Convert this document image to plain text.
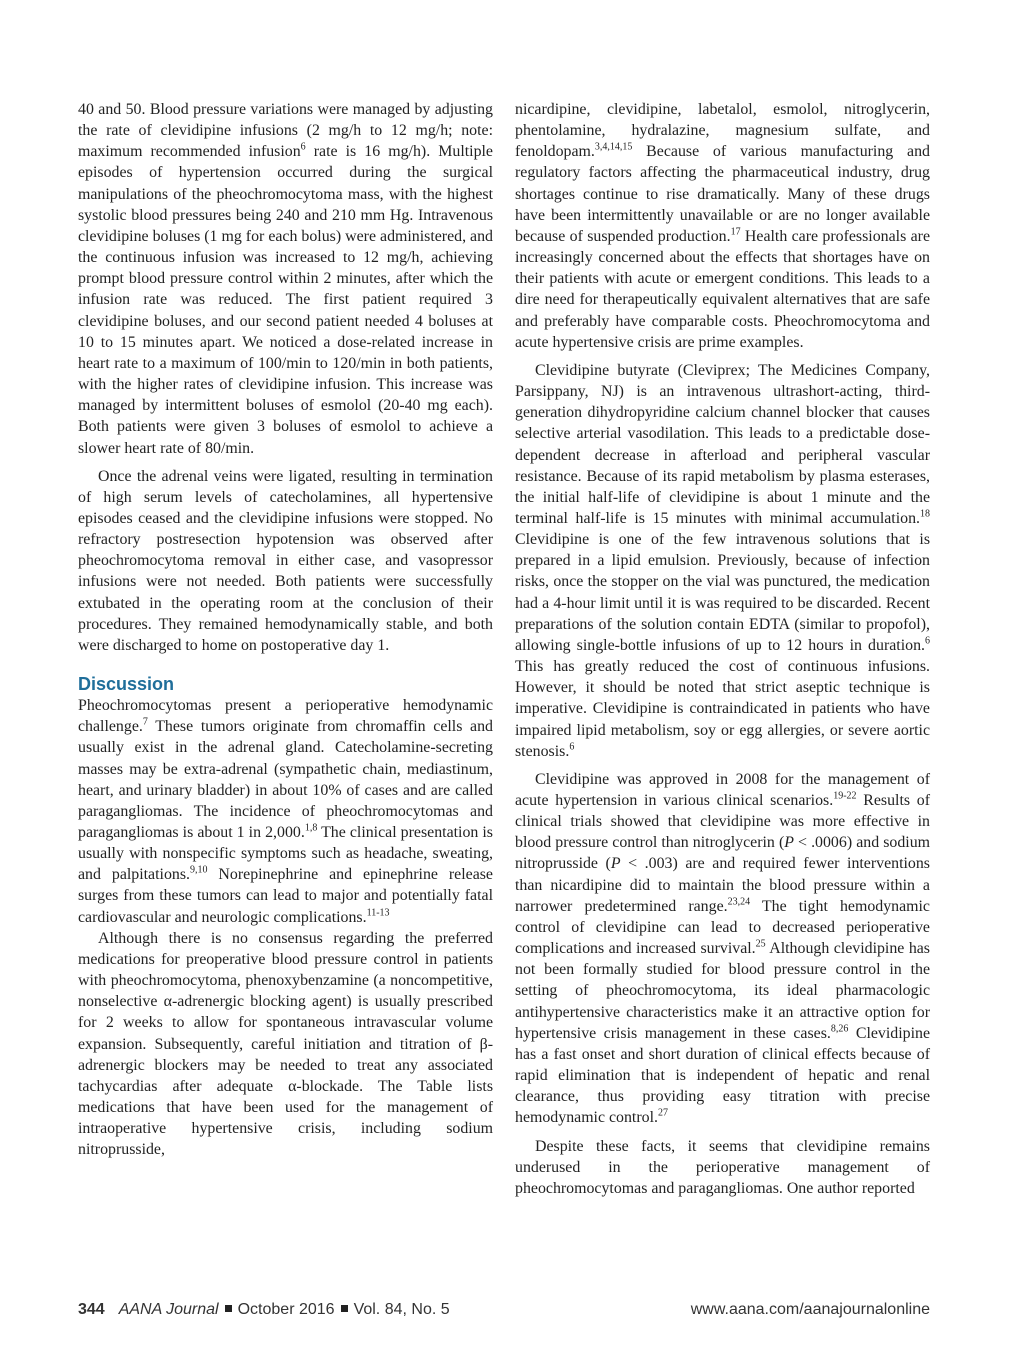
40 and 50. Blood pressure variations were managed by adjusting the rate of clevidipine infusions (2 mg/h to 12 mg/h; note: maximum recommended infusion$^6$ rate is 16 mg/h). Multiple episodes of hypertension occurred during the surgical manipulations of the pheochromocytoma mass, with the highest systolic blood pressures being 240 and 210 mm Hg. Intravenous clevidipine boluses (1 mg for each bolus) were administered, and the continuous infusion was increased to 12 mg/h, achieving prompt blood pressure control within 2 minutes, after which the infusion rate was reduced. The first patient required 3 clevidipine boluses, and our second patient needed 4 boluses at 10 to 15 minutes apart. We noticed a dose-related increase in heart rate to a maximum of 100/min to 120/min in both patients, with the higher rates of clevidipine infusion. This increase was managed by intermittent boluses of esmolol (20-40 mg each). Both patients were given 3 boluses of esmolol to achieve a slower heart rate of 80/min.

Once the adrenal veins were ligated, resulting in termination of high serum levels of catecholamines, all hypertensive episodes ceased and the clevidipine infusions were stopped. No refractory postresection hypotension was observed after pheochromocytoma removal in either case, and vasopressor infusions were not needed. Both patients were successfully extubated in the operating room at the conclusion of their procedures. They remained hemodynamically stable, and both were discharged to home on postoperative day 1.

Discussion

Pheochromocytomas present a perioperative hemodynamic challenge.$^7$ These tumors originate from chromaffin cells and usually exist in the adrenal gland. Catecholamine-secreting masses may be extra-adrenal (sympathetic chain, mediastinum, heart, and urinary bladder) in about 10% of cases and are called paragangliomas. The incidence of pheochromocytomas and paragangliomas is about 1 in 2,000.$^{1,8}$ The clinical presentation is usually with nonspecific symptoms such as headache, sweating, and palpitations.$^{9,10}$ Norepinephrine and epinephrine release surges from these tumors can lead to major and potentially fatal cardiovascular and neurologic complications.$^{11-13}$

Although there is no consensus regarding the preferred medications for preoperative blood pressure control in patients with pheochromocytoma, phenoxybenzamine (a noncompetitive, nonselective α-adrenergic blocking agent) is usually prescribed for 2 weeks to allow for spontaneous intravascular volume expansion. Subsequently, careful initiation and titration of β-adrenergic blockers may be needed to treat any associated tachycardias after adequate α-blockade. The Table lists medications that have been used for the management of intraoperative hypertensive crisis, including sodium nitroprusside,

nicardipine, clevidipine, labetalol, esmolol, nitroglycerin, phentolamine, hydralazine, magnesium sulfate, and fenoldopam.$^{3,4,14,15}$ Because of various manufacturing and regulatory factors affecting the pharmaceutical industry, drug shortages continue to rise dramatically. Many of these drugs have been intermittently unavailable or are no longer available because of suspended production.$^{17}$ Health care professionals are increasingly concerned about the effects that shortages have on their patients with acute or emergent conditions. This leads to a dire need for therapeutically equivalent alternatives that are safe and preferably have comparable costs. Pheochromocytoma and acute hypertensive crisis are prime examples.

Clevidipine butyrate (Cleviprex; The Medicines Company, Parsippany, NJ) is an intravenous ultrashort-acting, third-generation dihydropyridine calcium channel blocker that causes selective arterial vasodilation. This leads to a predictable dose-dependent decrease in afterload and peripheral vascular resistance. Because of its rapid metabolism by plasma esterases, the initial half-life of clevidipine is about 1 minute and the terminal half-life is 15 minutes with minimal accumulation.$^{18}$ Clevidipine is one of the few intravenous solutions that is prepared in a lipid emulsion. Previously, because of infection risks, once the stopper on the vial was punctured, the medication had a 4-hour limit until it is was required to be discarded. Recent preparations of the solution contain EDTA (similar to propofol), allowing single-bottle infusions of up to 12 hours in duration.$^6$ This has greatly reduced the cost of continuous infusions. However, it should be noted that strict aseptic technique is imperative. Clevidipine is contraindicated in patients who have impaired lipid metabolism, soy or egg allergies, or severe aortic stenosis.$^6$

Clevidipine was approved in 2008 for the management of acute hypertension in various clinical scenarios.$^{19-22}$ Results of clinical trials showed that clevidipine was more effective in blood pressure control than nitroglycerin (P < .0006) and sodium nitroprusside (P < .003) are and required fewer interventions than nicardipine did to maintain the blood pressure within a narrower predetermined range.$^{23,24}$ The tight hemodynamic control of clevidipine can lead to decreased perioperative complications and increased survival.$^{25}$ Although clevidipine has not been formally studied for blood pressure control in the setting of pheochromocytoma, its ideal pharmacologic antihypertensive characteristics make it an attractive option for hypertensive crisis management in these cases.$^{8,26}$ Clevidipine has a fast onset and short duration of clinical effects because of rapid elimination that is independent of hepatic and renal clearance, thus providing easy titration with precise hemodynamic control.$^{27}$

Despite these facts, it seems that clevidipine remains underused in the perioperative management of pheochromocytomas and paragangliomas. One author reported

344 AANA Journal October 2016 Vol. 84, No. 5	www.aana.com/aanajournalonline
